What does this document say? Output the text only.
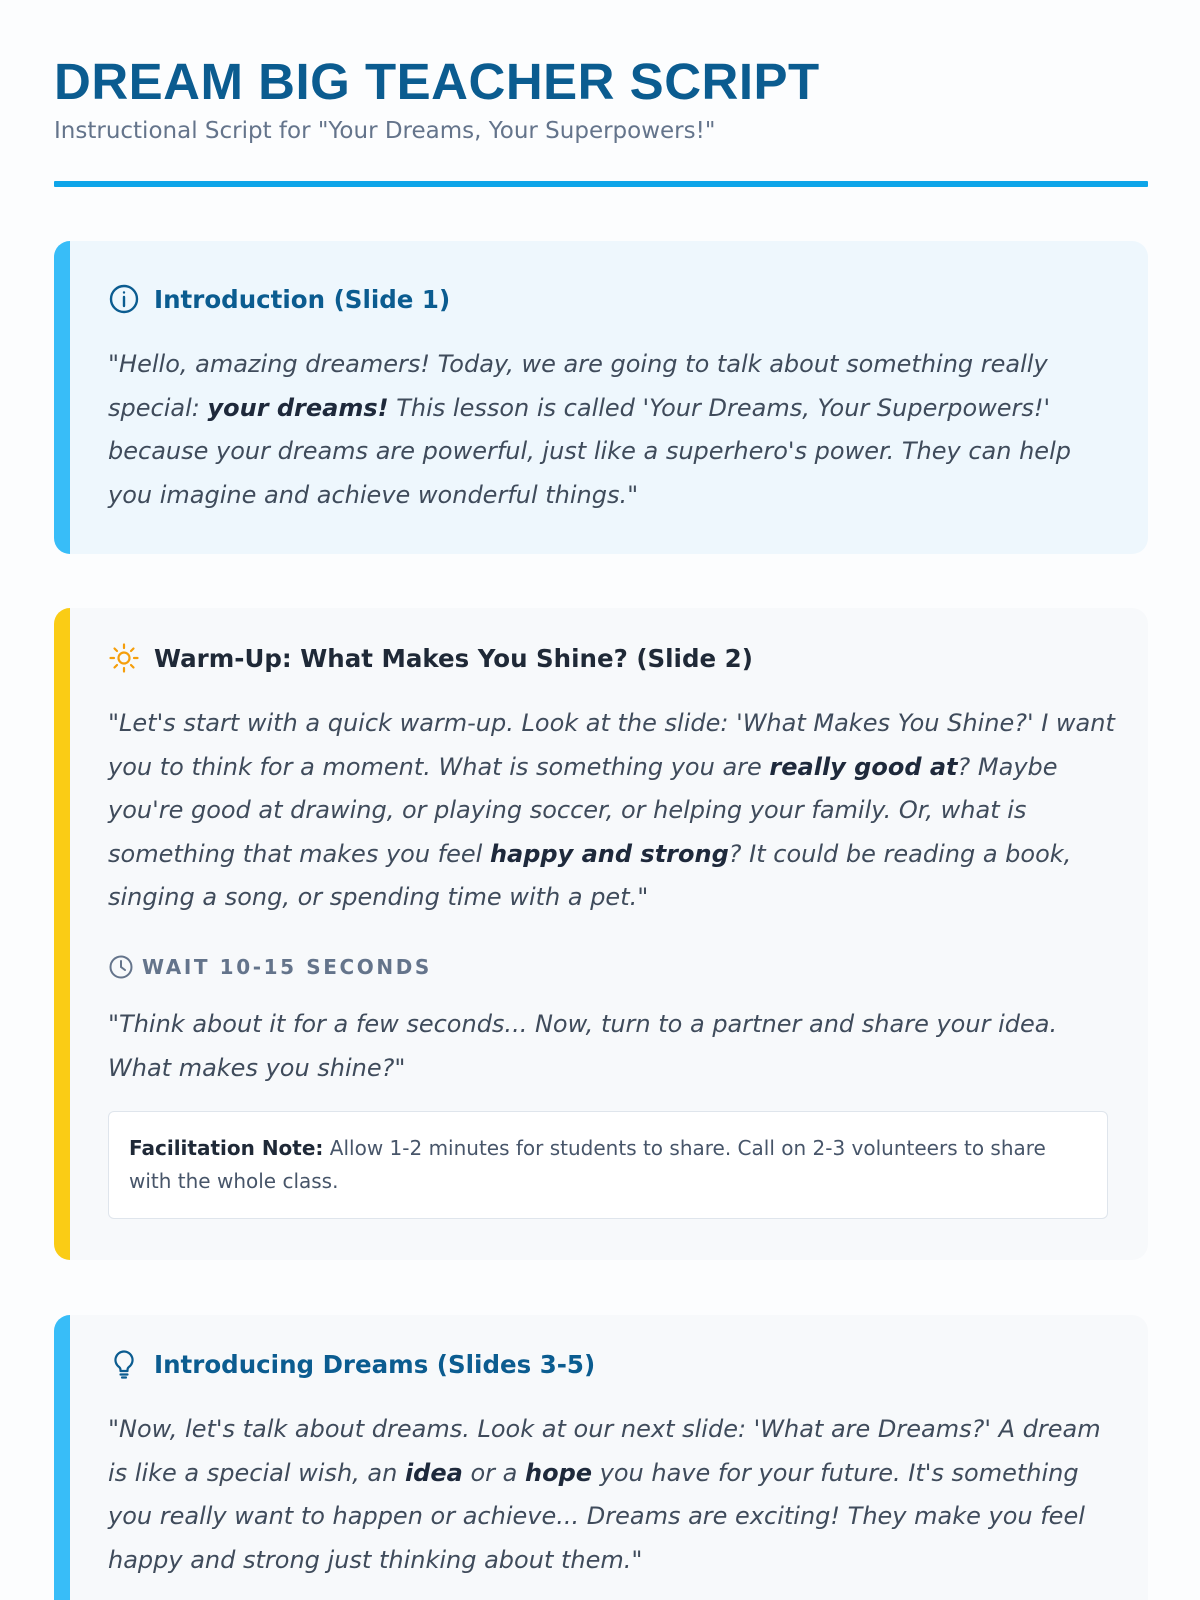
DREAM BIG TEACHER SCRIPT
Instructional Script for "Your Dreams, Your Superpowers!"
Introduction (Slide 1)

"Hello, amazing dreamers! Today, we are going to talk about something really special: your dreams! This lesson is called 'Your Dreams, Your Superpowers!' because your dreams are powerful, just like a superhero's power. They can help you imagine and achieve wonderful things."

Warm-Up: What Makes You Shine? (Slide 2)

"Let's start with a quick warm-up. Look at the slide: 'What Makes You Shine?' I want you to think for a moment. What is something you are really good at? Maybe you're good at drawing, or playing soccer, or helping your family. Or, what is something that makes you feel happy and strong? It could be reading a book, singing a song, or spending time with a pet."

WAIT 10-15 SECONDS

"Think about it for a few seconds... Now, turn to a partner and share your idea. What makes you shine?"

Facilitation Note: Allow 1-2 minutes for students to share. Call on 2-3 volunteers to share with the whole class.
Introducing Dreams (Slides 3-5)

"Now, let's talk about dreams. Look at our next slide: 'What are Dreams?' A dream is like a special wish, an idea or a hope you have for your future. It's something you really want to happen or achieve... Dreams are exciting! They make you feel happy and strong just thinking about them."
